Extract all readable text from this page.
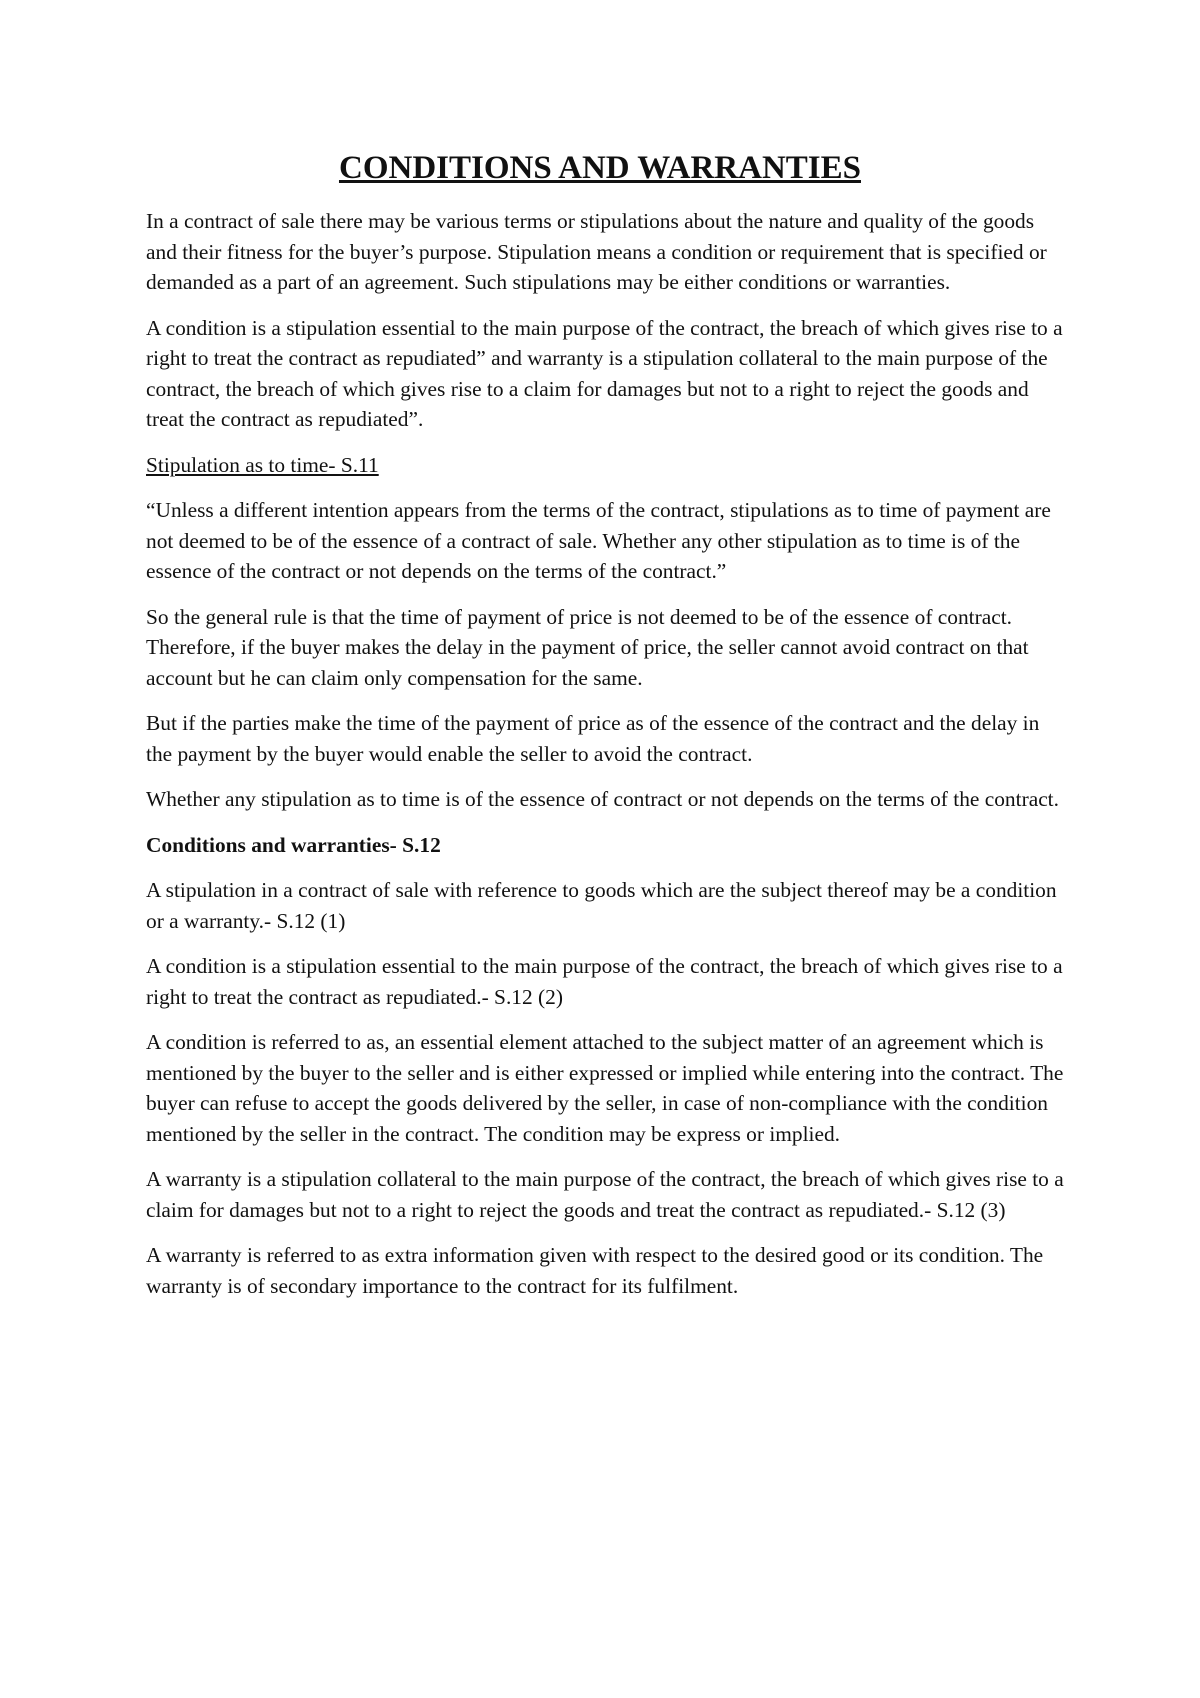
CONDITIONS AND WARRANTIES

In a contract of sale there may be various terms or stipulations about the nature and quality of the goods and their fitness for the buyer’s purpose. Stipulation means a condition or requirement that is specified or demanded as a part of an agreement. Such stipulations may be either conditions or warranties.

A condition is a stipulation essential to the main purpose of the contract, the breach of which gives rise to a right to treat the contract as repudiated” and warranty is a stipulation collateral to the main purpose of the contract, the breach of which gives rise to a claim for damages but not to a right to reject the goods and treat the contract as repudiated”.

Stipulation as to time- S.11

“Unless a different intention appears from the terms of the contract, stipulations as to time of payment are not deemed to be of the essence of a contract of sale. Whether any other stipulation as to time is of the essence of the contract or not depends on the terms of the contract.”

So the general rule is that the time of payment of price is not deemed to be of the essence of contract. Therefore, if the buyer makes the delay in the payment of price, the seller cannot avoid contract on that account but he can claim only compensation for the same.

But if the parties make the time of the payment of price as of the essence of the contract and the delay in the payment by the buyer would enable the seller to avoid the contract.

Whether any stipulation as to time is of the essence of contract or not depends on the terms of the contract.

Conditions and warranties- S.12

A stipulation in a contract of sale with reference to goods which are the subject thereof may be a condition or a warranty.- S.12 (1)

A condition is a stipulation essential to the main purpose of the contract, the breach of which gives rise to a right to treat the contract as repudiated.- S.12 (2)

A condition is referred to as, an essential element attached to the subject matter of an agreement which is mentioned by the buyer to the seller and is either expressed or implied while entering into the contract. The buyer can refuse to accept the goods delivered by the seller, in case of non-compliance with the condition mentioned by the seller in the contract. The condition may be express or implied.

A warranty is a stipulation collateral to the main purpose of the contract, the breach of which gives rise to a claim for damages but not to a right to reject the goods and treat the contract as repudiated.- S.12 (3)

A warranty is referred to as extra information given with respect to the desired good or its condition. The warranty is of secondary importance to the contract for its fulfilment.
